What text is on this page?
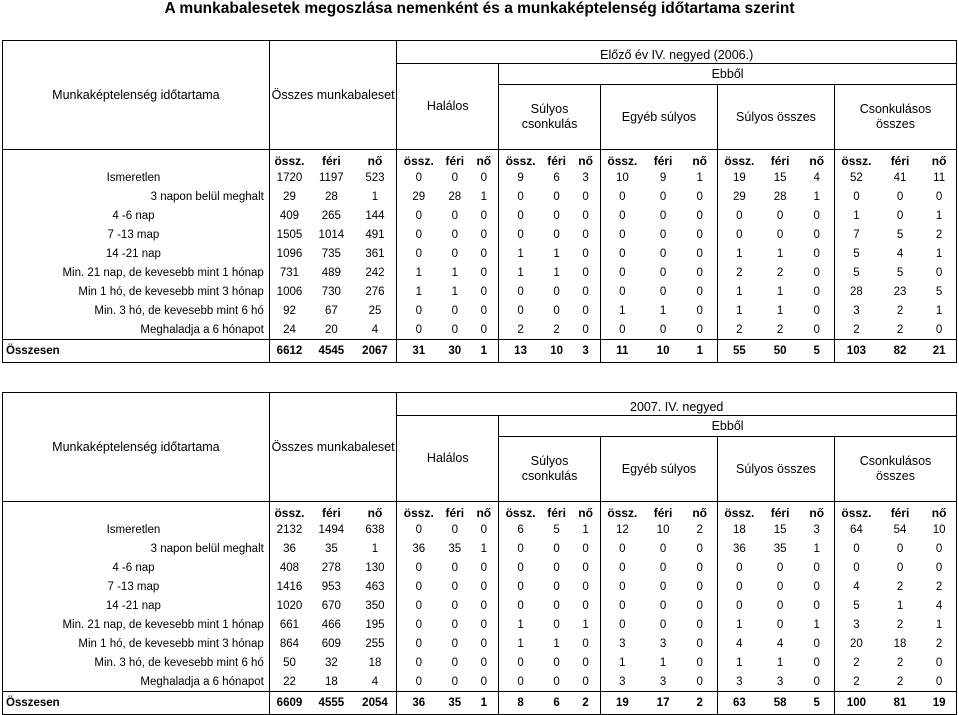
A munkabalesetek megoszlása nemenként és a munkaképtelenség időtartama szerint
Munkaképtelenség időtartama	Összes munkabaleset			Előző év IV. negyed (2006.)														
				Halálos			Ebből											

							Súlyos
csonkulás			Egyéb súlyos			Súlyos összes			Csonkulásos
összes		

	össz.	féri	nő	össz.	féri	nő	össz.	féri	nő	össz.	féri	nő	össz.	féri	nő	össz.	féri	nő
Ismeretlen	1720	1197	523	0	0	0	9	6	3	10	9	1	19	15	4	52	41	11
3 napon belül meghalt	29	28	1	29	28	1	0	0	0	0	0	0	29	28	1	0	0	0
4 -6 nap	409	265	144	0	0	0	0	0	0	0	0	0	0	0	0	1	0	1
7 -13 map	1505	1014	491	0	0	0	0	0	0	0	0	0	0	0	0	7	5	2
14 -21 nap	1096	735	361	0	0	0	1	1	0	0	0	0	1	1	0	5	4	1
Min. 21 nap, de kevesebb mint 1 hónap	731	489	242	1	1	0	1	1	0	0	0	0	2	2	0	5	5	0
Min 1 hó, de kevesebb mint 3 hónap	1006	730	276	1	1	0	0	0	0	0	0	0	1	1	0	28	23	5
Min. 3 hó, de kevesebb mint 6 hó	92	67	25	0	0	0	0	0	0	1	1	0	1	1	0	3	2	1
Meghaladja a 6 hónapot	24	20	4	0	0	0	2	2	0	0	0	0	2	2	0	2	2	0
Összesen	6612	4545	2067	31	30	1	13	10	3	11	10	1	55	50	5	103	82	21
Munkaképtelenség időtartama	Összes munkabaleset			2007. IV. negyed														
				Halálos			Ebből											

							Súlyos
csonkulás			Egyéb súlyos			Súlyos összes			Csonkulásos
összes		

	össz.	féri	nő	össz.	féri	nő	össz.	féri	nő	össz.	féri	nő	össz.	féri	nő	össz.	féri	nő
Ismeretlen	2132	1494	638	0	0	0	6	5	1	12	10	2	18	15	3	64	54	10
3 napon belül meghalt	36	35	1	36	35	1	0	0	0	0	0	0	36	35	1	0	0	0
4 -6 nap	408	278	130	0	0	0	0	0	0	0	0	0	0	0	0	0	0	0
7 -13 map	1416	953	463	0	0	0	0	0	0	0	0	0	0	0	0	4	2	2
14 -21 nap	1020	670	350	0	0	0	0	0	0	0	0	0	0	0	0	5	1	4
Min. 21 nap, de kevesebb mint 1 hónap	661	466	195	0	0	0	1	0	1	0	0	0	1	0	1	3	2	1
Min 1 hó, de kevesebb mint 3 hónap	864	609	255	0	0	0	1	1	0	3	3	0	4	4	0	20	18	2
Min. 3 hó, de kevesebb mint 6 hó	50	32	18	0	0	0	0	0	0	1	1	0	1	1	0	2	2	0
Meghaladja a 6 hónapot	22	18	4	0	0	0	0	0	0	3	3	0	3	3	0	2	2	0
Összesen	6609	4555	2054	36	35	1	8	6	2	19	17	2	63	58	5	100	81	19
